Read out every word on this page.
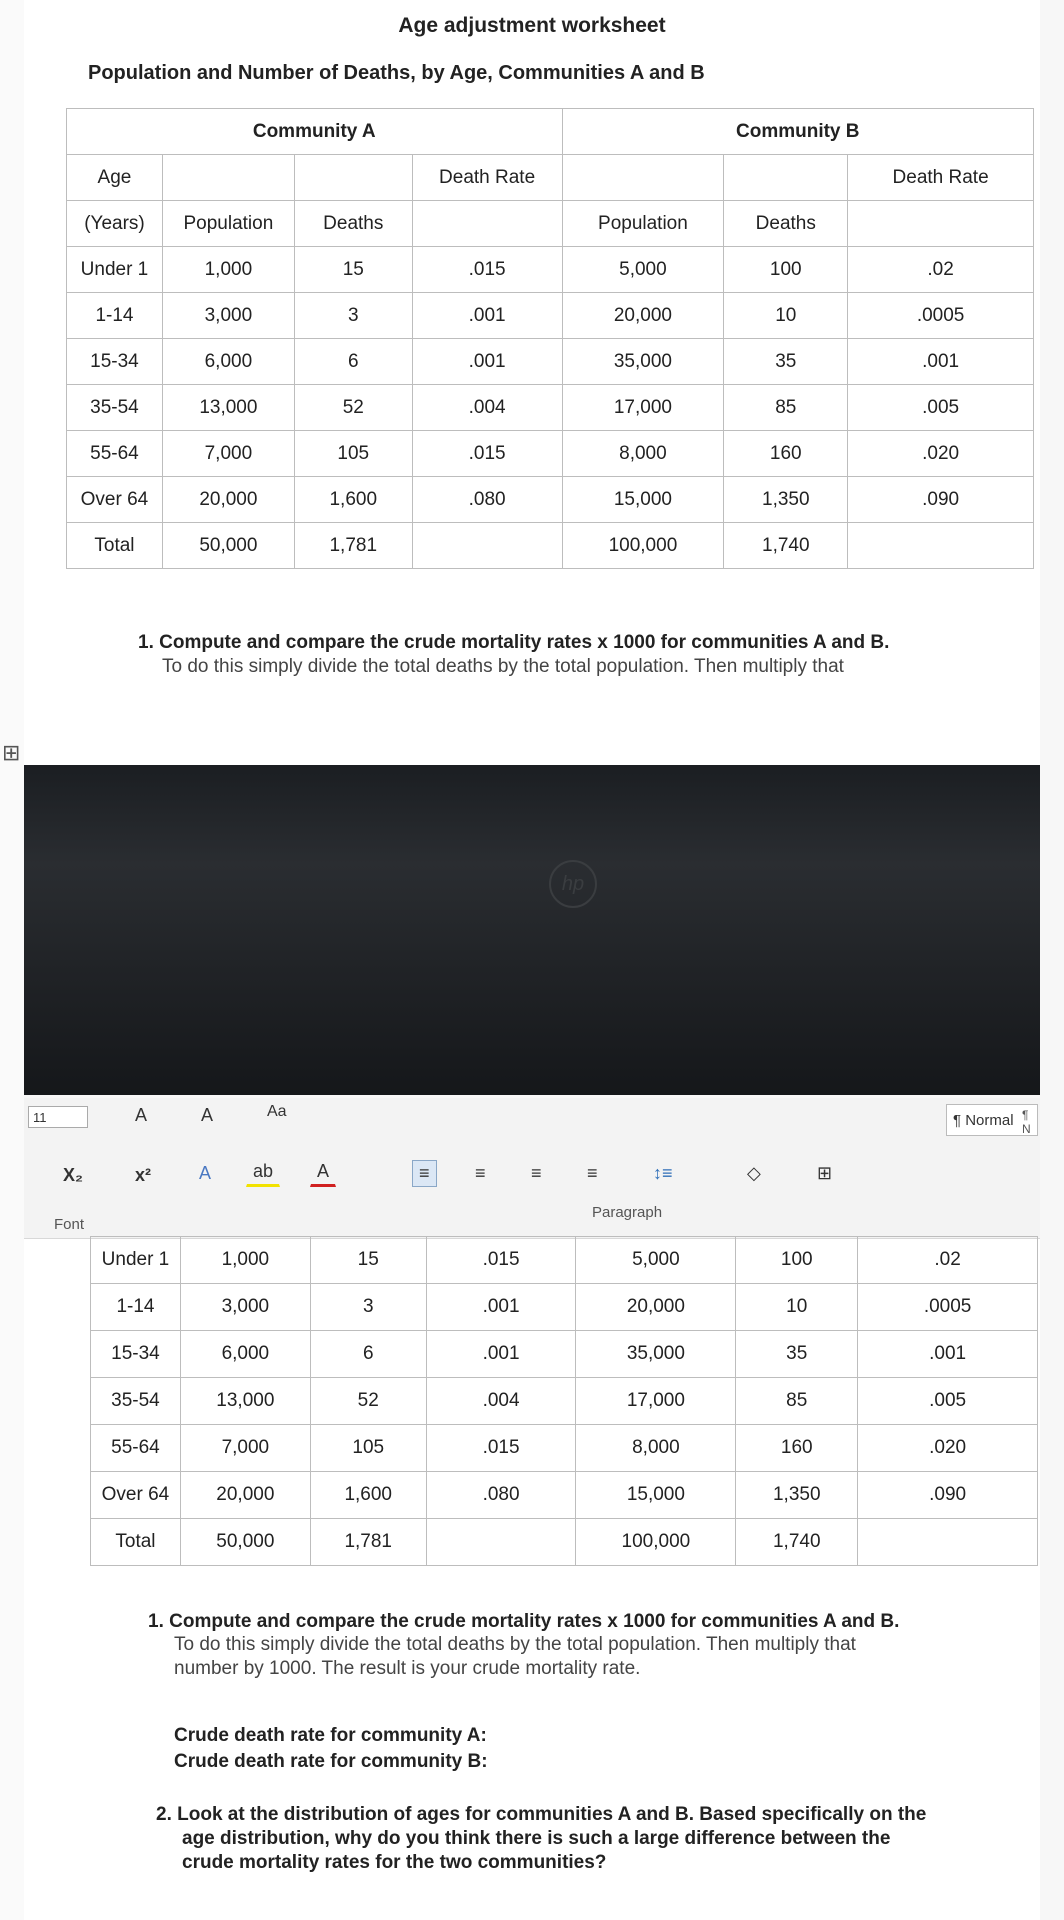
⊞
Age adjustment worksheet
Population and Number of Deaths, by Age, Communities A and B
Community A				Community B		
Age			Death Rate			Death Rate
(Years)	Population	Deaths		Population	Deaths	
Under 1	1,000	15	.015	5,000	100	.02
1-14	3,000	3	.001	20,000	10	.0005
15-34	6,000	6	.001	35,000	35	.001
35-54	13,000	52	.004	17,000	85	.005
55-64	7,000	105	.015	8,000	160	.020
Over 64	20,000	1,600	.080	15,000	1,350	.090
Total	50,000	1,781		100,000	1,740	
1. Compute and compare the crude mortality rates x 1000 for communities A and B.
To do this simply divide the total deaths by the total population. Then multiply that
hp
11	A	A	Aa
X₂	x²	A	ab	A	≡	≡	≡	≡	↕≡	◇	⊞
Font
Paragraph
¶ Normal ¶ N
Under 1	1,000	15	.015	5,000	100	.02
1-14	3,000	3	.001	20,000	10	.0005
15-34	6,000	6	.001	35,000	35	.001
35-54	13,000	52	.004	17,000	85	.005
55-64	7,000	105	.015	8,000	160	.020
Over 64	20,000	1,600	.080	15,000	1,350	.090
Total	50,000	1,781		100,000	1,740	
1. Compute and compare the crude mortality rates x 1000 for communities A and B.
To do this simply divide the total deaths by the total population. Then multiply that
number by 1000. The result is your crude mortality rate.
Crude death rate for community A:
Crude death rate for community B:
2. Look at the distribution of ages for communities A and B. Based specifically on the
age distribution, why do you think there is such a large difference between the
crude mortality rates for the two communities?
